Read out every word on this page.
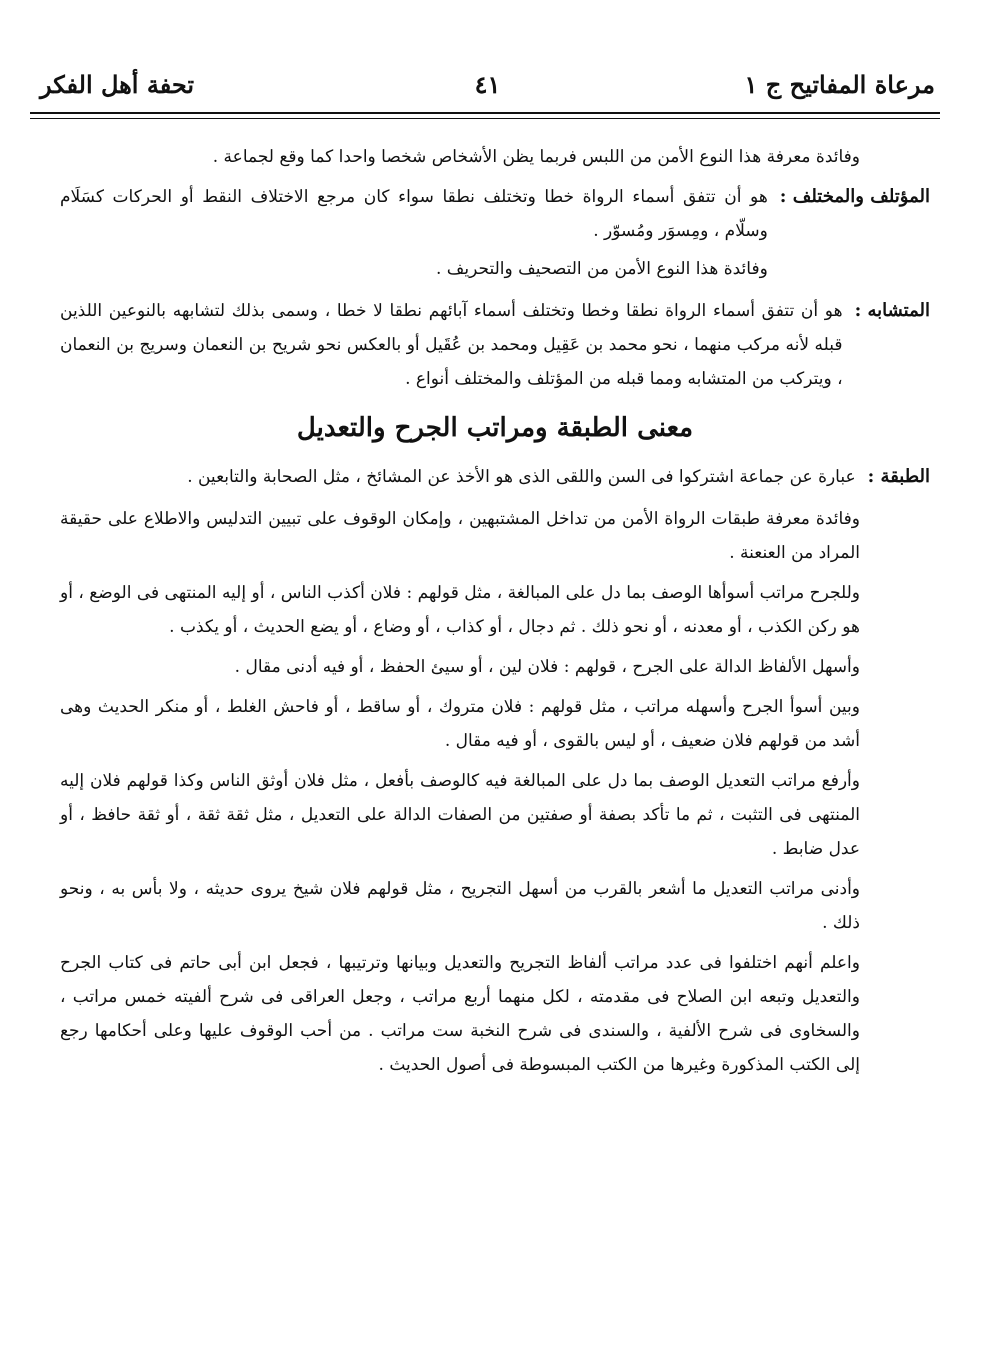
مرعاة المفاتيح ج ١
٤١
تحفة أهل الفكر

وفائدة معرفة هذا النوع الأمن من اللبس فربما يظن الأشخاص شخصا واحدا كما وقع لجماعة .

المؤتلف والمختلف :

هو أن تتفق أسماء الرواة خطا وتختلف نطقا سواء كان مرجع الاختلاف النقط أو الحركات كسَلَام وسلّام ، ومِسوَر ومُسوّر .

وفائدة هذا النوع الأمن من التصحيف والتحريف .

المتشابه :

هو أن تتفق أسماء الرواة نطقا وخطا وتختلف أسماء آبائهم نطقا لا خطا ، وسمى بذلك لتشابهه بالنوعين اللذين قبله لأنه مركب منهما ، نحو محمد بن عَقِيل ومحمد بن عُقَيل أو بالعكس نحو شريح بن النعمان وسريج بن النعمان ، ويتركب من المتشابه ومما قبله من المؤتلف والمختلف أنواع .

معنى الطبقة ومراتب الجرح والتعديل
الطبقة :

عبارة عن جماعة اشتركوا فى السن واللقى الذى هو الأخذ عن المشائخ ، مثل الصحابة والتابعين .

وفائدة معرفة طبقات الرواة الأمن من تداخل المشتبهين ، وإمكان الوقوف على تبيين التدليس والاطلاع على حقيقة المراد من العنعنة .

وللجرح مراتب أسوأها الوصف بما دل على المبالغة ، مثل قولهم : فلان أكذب الناس ، أو إليه المنتهى فى الوضع ، أو هو ركن الكذب ، أو معدنه ، أو نحو ذلك . ثم دجال ، أو كذاب ، أو وضاع ، أو يضع الحديث ، أو يكذب .

وأسهل الألفاظ الدالة على الجرح ، قولهم : فلان لين ، أو سيئ الحفظ ، أو فيه أدنى مقال .

وبين أسوأ الجرح وأسهله مراتب ، مثل قولهم : فلان متروك ، أو ساقط ، أو فاحش الغلط ، أو منكر الحديث وهى أشد من قولهم فلان ضعيف ، أو ليس بالقوى ، أو فيه مقال .

وأرفع مراتب التعديل الوصف بما دل على المبالغة فيه كالوصف بأفعل ، مثل فلان أوثق الناس وكذا قولهم فلان إليه المنتهى فى التثبت ، ثم ما تأكد بصفة أو صفتين من الصفات الدالة على التعديل ، مثل ثقة ثقة ، أو ثقة حافظ ، أو عدل ضابط .

وأدنى مراتب التعديل ما أشعر بالقرب من أسهل التجريح ، مثل قولهم فلان شيخ يروى حديثه ، ولا بأس به ، ونحو ذلك .

واعلم أنهم اختلفوا فى عدد مراتب ألفاظ التجريح والتعديل وبيانها وترتيبها ، فجعل ابن أبى حاتم فى كتاب الجرح والتعديل وتبعه ابن الصلاح فى مقدمته ، لكل منهما أربع مراتب ، وجعل العراقى فى شرح ألفيته خمس مراتب ، والسخاوى فى شرح الألفية ، والسندى فى شرح النخبة ست مراتب . من أحب الوقوف عليها وعلى أحكامها رجع إلى الكتب المذكورة وغيرها من الكتب المبسوطة فى أصول الحديث .
